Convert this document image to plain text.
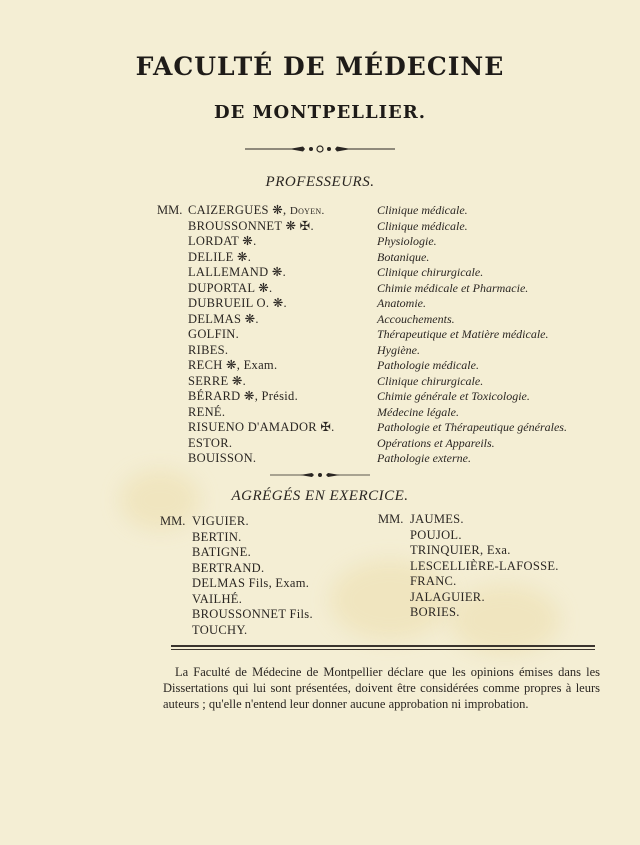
FACULTÉ DE MÉDECINE
DE MONTPELLIER.
PROFESSEURS.
MM. CAIZERGUES ❋, Doyen.	Clinique médicale.
BROUSSONNET ❋ ✠.	Clinique médicale.
LORDAT ❋.	Physiologie.
DELILE ❋.	Botanique.
LALLEMAND ❋.	Clinique chirurgicale.
DUPORTAL ❋.	Chimie médicale et Pharmacie.
DUBRUEIL O. ❋.	Anatomie.
DELMAS ❋.	Accouchements.
GOLFIN.	Thérapeutique et Matière médicale.
RIBES.	Hygiène.
RECH ❋, Exam.	Pathologie médicale.
SERRE ❋.	Clinique chirurgicale.
BÉRARD ❋, Présid.	Chimie générale et Toxicologie.
RENÉ.	Médecine légale.
RISUENO D'AMADOR ✠.	Pathologie et Thérapeutique générales.
ESTOR.	Opérations et Appareils.
BOUISSON.	Pathologie externe.
AGRÉGÉS EN EXERCICE.
MM. VIGUIER.
BERTIN.
BATIGNE.
BERTRAND.
DELMAS Fils, Exam.
VAILHÉ.
BROUSSONNET Fils.
TOUCHY.
MM. JAUMES.
POUJOL.
TRINQUIER, Exa.
LESCELLIÈRE-LAFOSSE.
FRANC.
JALAGUIER.
BORIES.
La Faculté de Médecine de Montpellier déclare que les opinions émises dans les Dissertations qui lui sont présentées, doivent être considérées comme propres à leurs auteurs ; qu'elle n'entend leur donner aucune approbation ni improbation.
